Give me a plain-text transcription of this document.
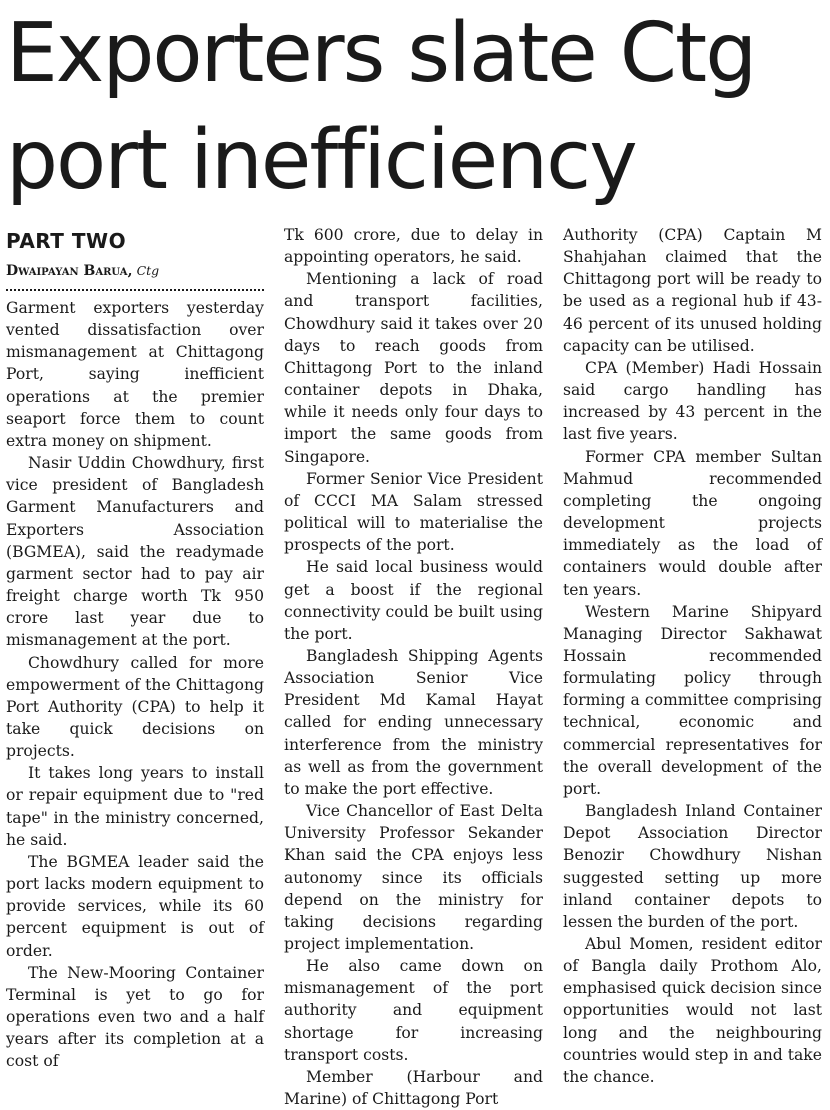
Exporters slate Ctg port inefficiency
PART TWO
Dwaipayan Barua, Ctg

Garment exporters yesterday vented dissatisfaction over mismanagement at Chittagong Port, saying inefficient operations at the premier seaport force them to count extra money on shipment.

Nasir Uddin Chowdhury, first vice president of Bangladesh Garment Manufacturers and Exporters Association (BGMEA), said the readymade garment sector had to pay air freight charge worth Tk 950 crore last year due to mismanagement at the port.

Chowdhury called for more empowerment of the Chittagong Port Authority (CPA) to help it take quick decisions on projects.

It takes long years to install or repair equipment due to "red tape" in the ministry concerned, he said.

The BGMEA leader said the port lacks modern equipment to provide services, while its 60 percent equipment is out of order.

The New-Mooring Container Terminal is yet to go for operations even two and a half years after its completion at a cost of

Tk 600 crore, due to delay in appointing operators, he said.

Mentioning a lack of road and transport facilities, Chowdhury said it takes over 20 days to reach goods from Chittagong Port to the inland container depots in Dhaka, while it needs only four days to import the same goods from Singapore.

Former Senior Vice President of CCCI MA Salam stressed political will to materialise the prospects of the port.

He said local business would get a boost if the regional connectivity could be built using the port.

Bangladesh Shipping Agents Association Senior Vice President Md Kamal Hayat called for ending unnecessary interference from the ministry as well as from the government to make the port effective.

Vice Chancellor of East Delta University Professor Sekander Khan said the CPA enjoys less autonomy since its officials depend on the ministry for taking decisions regarding project implementation.

He also came down on mismanagement of the port authority and equipment shortage for increasing transport costs.

Member (Harbour and Marine) of Chittagong Port

Authority (CPA) Captain M Shahjahan claimed that the Chittagong port will be ready to be used as a regional hub if 43-46 percent of its unused holding capacity can be utilised.

CPA (Member) Hadi Hossain said cargo handling has increased by 43 percent in the last five years.

Former CPA member Sultan Mahmud recommended completing the ongoing development projects immediately as the load of containers would double after ten years.

Western Marine Shipyard Managing Director Sakhawat Hossain recommended formulating policy through forming a committee comprising technical, economic and commercial representatives for the overall development of the port.

Bangladesh Inland Container Depot Association Director Benozir Chowdhury Nishan suggested setting up more inland container depots to lessen the burden of the port.

Abul Momen, resident editor of Bangla daily Prothom Alo, emphasised quick decision since opportunities would not last long and the neighbouring countries would step in and take the chance.
